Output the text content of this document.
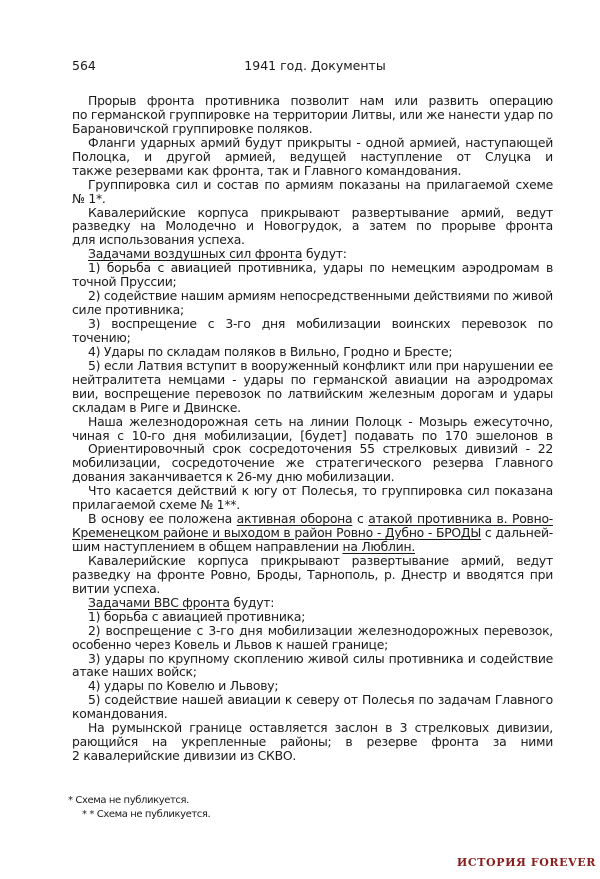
564	1941 год. Документы
Прорыв фронта противника позволит нам или развить операцию
по германской группировке на территории Литвы, или же нанести удар по
Барановичской группировке поляков.
Фланги ударных армий будут прикрыты - одной армией, наступающей
Полоцка, и другой армией, ведущей наступление от Слуцка и
также резервами как фронта, так и Главного командования.
Группировка сил и состав по армиям показаны на прилагаемой схеме
№ 1*.
Кавалерийские корпуса прикрывают развертывание армий, ведут
разведку на Молодечно и Новогрудок, а затем по прорыве фронта
для использования успеха.
Задачами воздушных сил фронта будут:
1) борьба с авиацией противника, удары по немецким аэродромам в
точной Пруссии;
2) содействие нашим армиям непосредственными действиями по живой
силе противника;
3) воспрещение с 3-го дня мобилизации воинских перевозок по
точению;
4) Удары по складам поляков в Вильно, Гродно и Бресте;
5) если Латвия вступит в вооруженный конфликт или при нарушении ее
нейтралитета немцами - удары по германской авиации на аэродромах
вии, воспрещение перевозок по латвийским железным дорогам и удары
складам в Риге и Двинске.
Наша железнодорожная сеть на линии Полоцк - Мозырь ежесуточно,
чиная с 10-го дня мобилизации, [будет] подавать по 170 эшелонов в
Ориентировочный срок сосредоточения 55 стрелковых дивизий - 22
мобилизации, сосредоточение же стратегического резерва Главного
дования заканчивается к 26-му дню мобилизации.
Что касается действий к югу от Полесья, то группировка сил показана
прилагаемой схеме № 1**.
В основу ее положена активная оборона с атакой противника в. Ровно-
Кременецком районе и выходом в район Ровно - Дубно - БРОДЫ с дальней-
шим наступлением в общем направлении на Люблин.
Кавалерийские корпуса прикрывают развертывание армий, ведут
разведку на фронте Ровно, Броды, Тарнополь, р. Днестр и вводятся при
витии успеха.
Задачами ВВС фронта будут:
1) борьба с авиацией противника;
2) воспрещение с 3-го дня мобилизации железнодорожных перевозок,
особенно через Ковель и Львов к нашей границе;
3) удары по крупному скоплению живой силы противника и содействие
атаке наших войск;
4) удары по Ковелю и Львову;
5) содействие нашей авиации к северу от Полесья по задачам Главного
командования.
На румынской границе оставляется заслон в 3 стрелковых дивизии,
рающийся на укрепленные районы; в резерве фронта за ними
2 кавалерийские дивизии из СКВО.
* Схема не публикуется.
* * Схема не публикуется.
ИСТОРИЯ FOREVER
